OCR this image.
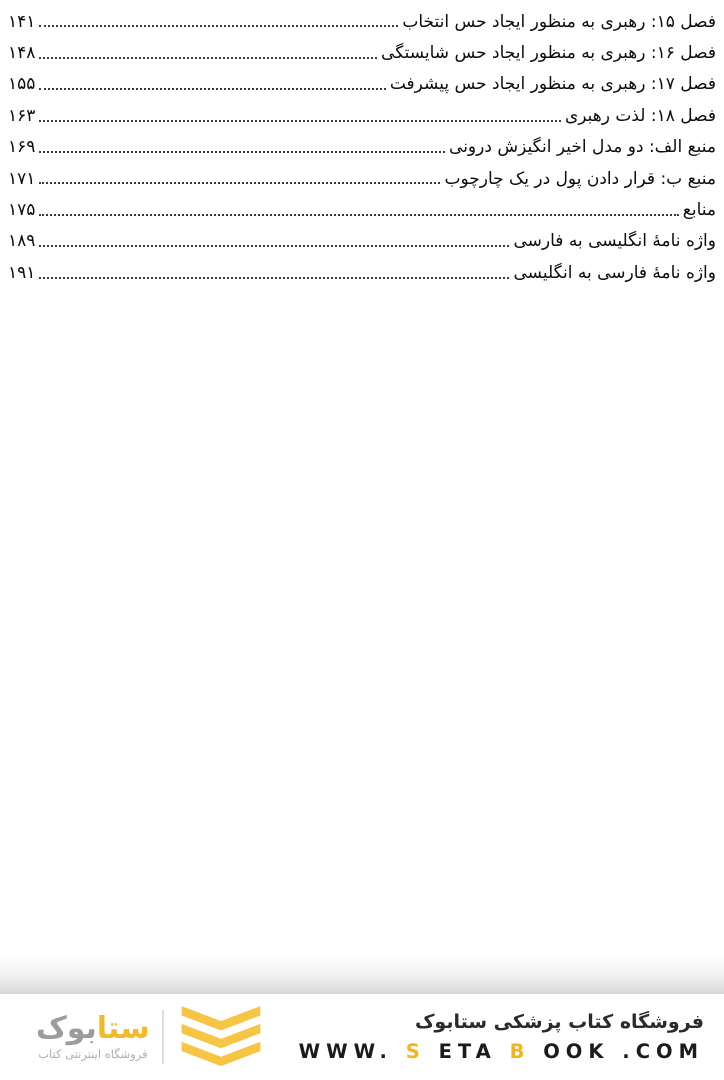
فصل ۱۵: رهبری به منظور ایجاد حس انتخاب
۱۴۱
فصل ۱۶: رهبری به منظور ایجاد حس شایستگی
۱۴۸
فصل ۱۷: رهبری به منظور ایجاد حس پیشرفت
۱۵۵
فصل ۱۸: لذت رهبری
۱۶۳
منبع الف: دو مدل اخیر انگیزش درونی
۱۶۹
منبع ب: قرار دادن پول در یک چارچوب
۱۷۱
منابع
۱۷۵
واژه نامهٔ انگلیسی به فارسی
۱۸۹
واژه نامهٔ فارسی به انگلیسی
۱۹۱
ستابوک
فروشگاه اینترنتی کتاب
فروشگاه کتاب پزشکی ستابوک
WWW. S ETA B OOK .COM
